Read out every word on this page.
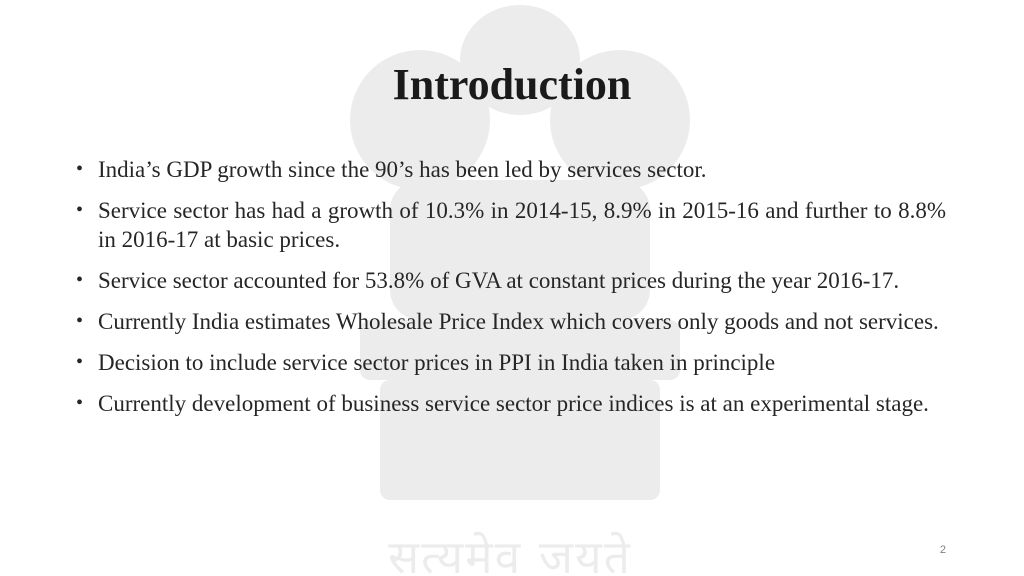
सत्यमेव जयते
Introduction
• India’s GDP growth since the 90’s has been led by services sector.
• Service sector has had a growth of 10.3% in 2014-15, 8.9% in 2015-16 and further to 8.8% in 2016-17 at basic prices.
• Service sector accounted for 53.8% of GVA at constant prices during the year 2016-17.
• Currently India estimates Wholesale Price Index which covers only goods and not services.
• Decision to include service sector prices in PPI in India taken in principle
• Currently development of business service sector price indices is at an experimental stage.
2
